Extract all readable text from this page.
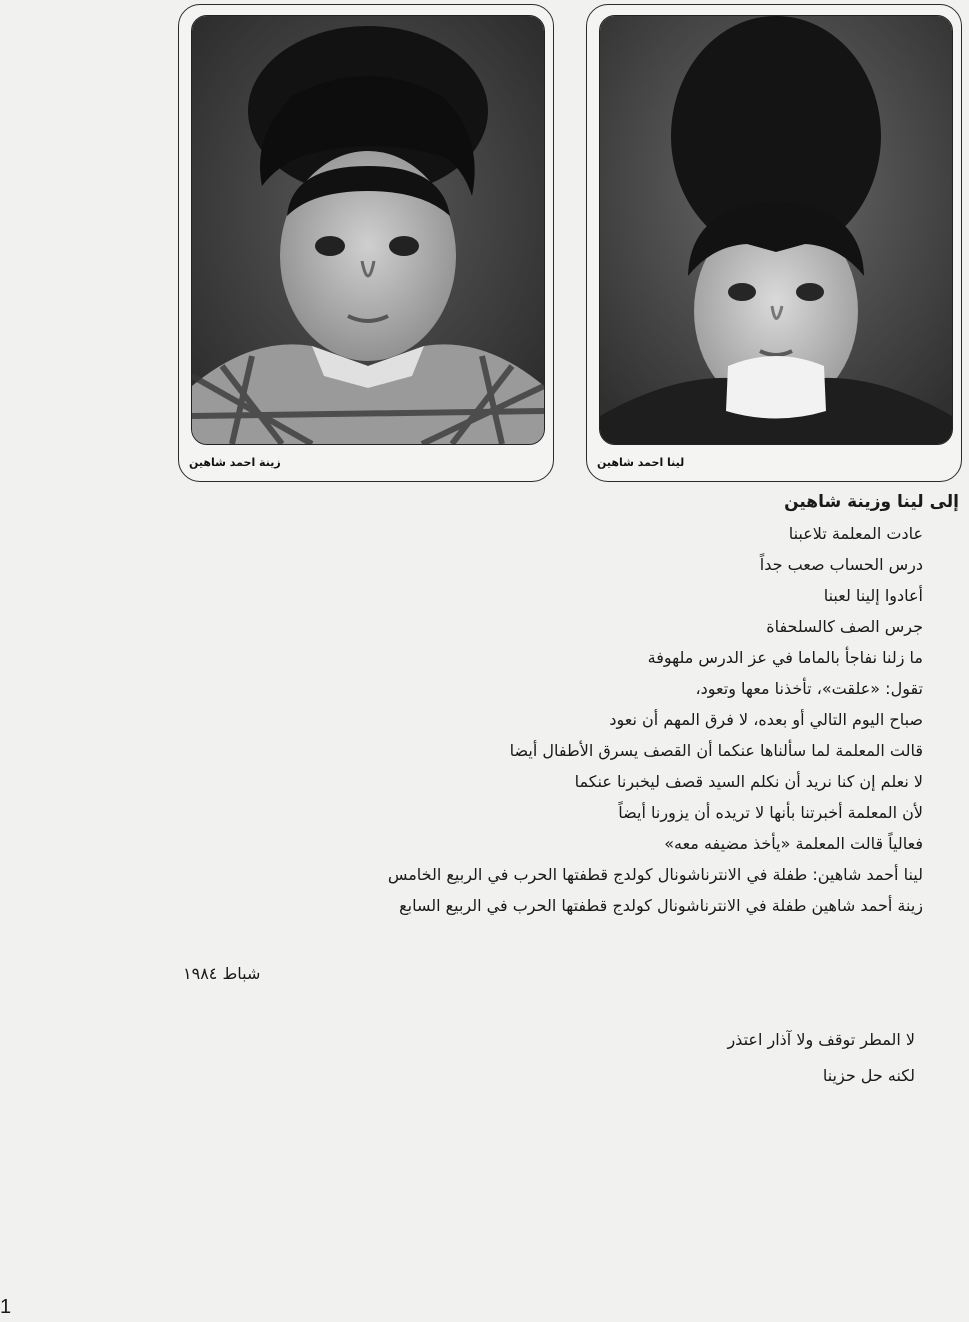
زينة احمد شاهين	لينا احمد شاهين
إلى لينا وزينة شاهين
عادت المعلمة تلاعبنا
درس الحساب صعب جداً
أعادوا إلينا لعبنا
جرس الصف كالسلحفاة
ما زلنا نفاجأ بالماما في عز الدرس ملهوفة
تقول: «علقت»، تأخذنا معها وتعود،
صباح اليوم التالي أو بعده، لا فرق المهم أن نعود
قالت المعلمة لما سألناها عنكما أن القصف يسرق الأطفال أيضا
لا نعلم إن كنا نريد أن نكلم السيد قصف ليخبرنا عنكما
لأن المعلمة أخبرتنا بأنها لا تريده أن يزورنا أيضاً
فعالياً قالت المعلمة «يأخذ مضيفه معه»
لينا أحمد شاهين: طفلة في الانترناشونال كولدج قطفتها الحرب في الربيع الخامس
زينة أحمد شاهين طفلة في الانترناشونال كولدج قطفتها الحرب في الربيع السابع
شباط ١٩٨٤
لا المطر توقف ولا آذار اعتذر
لكنه حل حزينا
1
